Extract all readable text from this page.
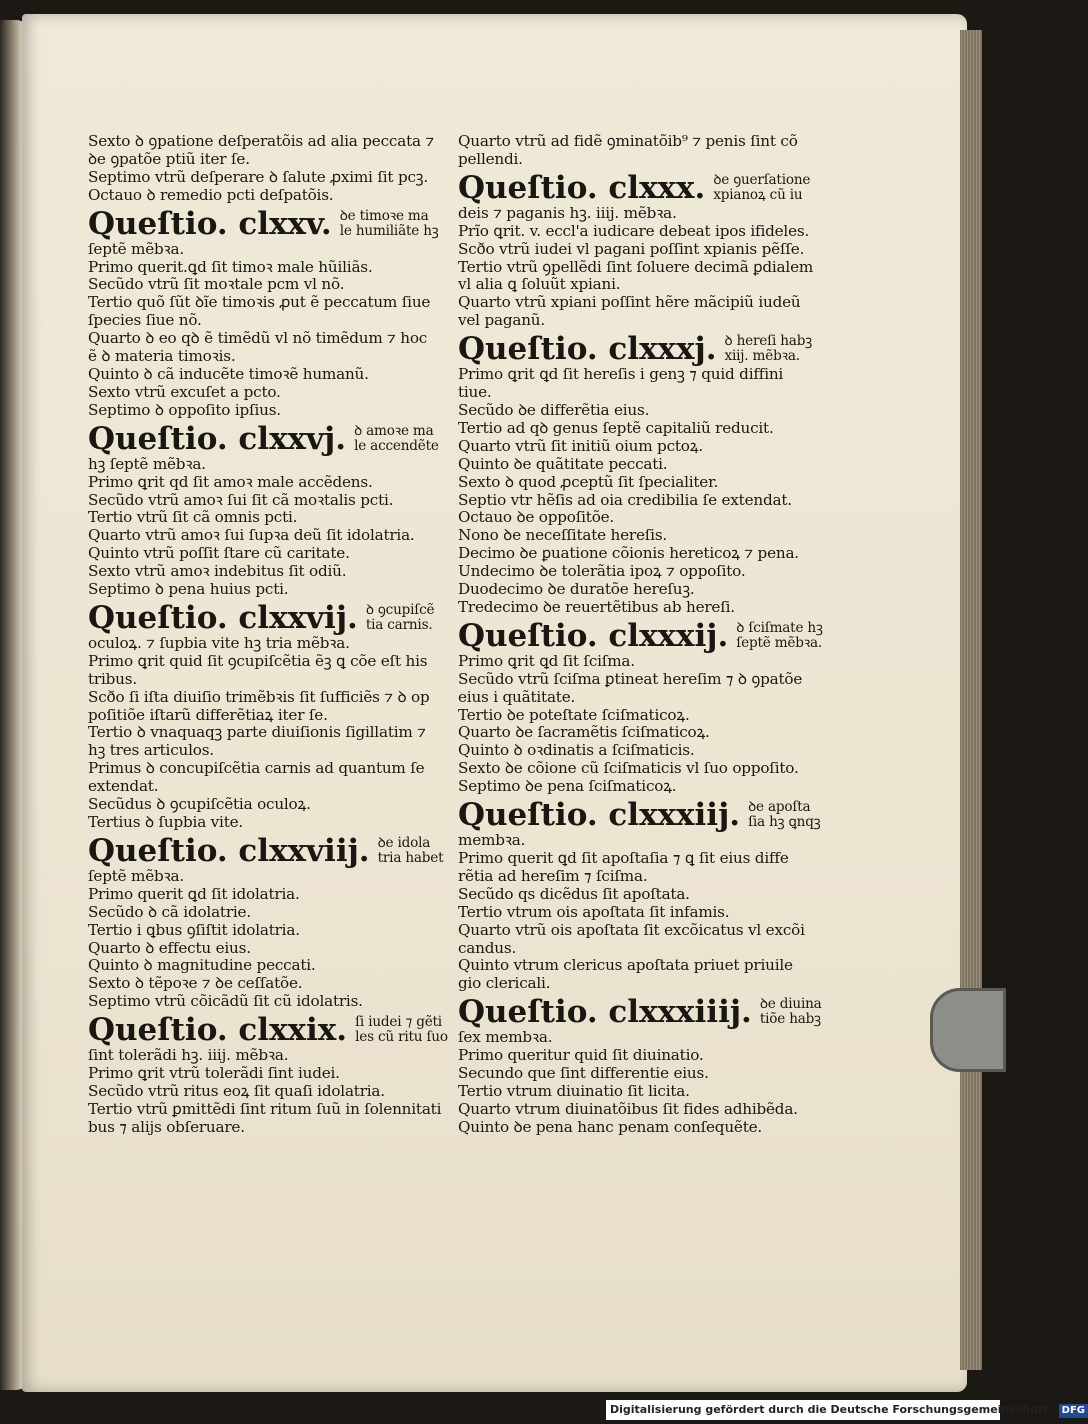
Sexto ꝺ ꝯpatione deſperatõis ad alia peccata ⁊
ꝺe ꝯpatõe ptiũ iter ſe.
Septimo vtrũ deſperare ꝺ ſalute ꝓximi ſit pcꝫ.
Octauo ꝺ remedio pcti deſpatõis.
Queſtio. clxxv. ꝺe timoꝛe ma
le humiliãte hꝫ
ſeptẽ mẽbꝛa.
Primo querit.ꝗd ſit timoꝛ male hũiliãs.
Secũdo vtrũ ſit moꝛtale pcm vl nõ.
Tertio quõ ſũt ꝺĩe timoꝛis ꝓut ẽ peccatum ſiue
ſpecies ſiue nõ.
Quarto ꝺ eo qꝺ ẽ timẽdũ vl nõ timẽdum ⁊ hoc
ẽ ꝺ materia timoꝛis.
Quinto ꝺ cã inducẽte timoꝛẽ humanũ.
Sexto vtrũ excuſet a pcto.
Septimo ꝺ oppoſito ipſius.
Queſtio. clxxvj. ꝺ amoꝛe ma
le accendẽte
hꝫ ſeptẽ mẽbꝛa.
Primo ꝗrit qd ſit amoꝛ male accẽdens.
Secũdo vtrũ amoꝛ ſui ſit cã moꝛtalis pcti.
Tertio vtrũ ſit cã omnis pcti.
Quarto vtrũ amoꝛ ſui ſupꝛa deũ ſit idolatria.
Quinto vtrũ poſſit ſtare cũ caritate.
Sexto vtrũ amoꝛ indebitus ſit odiũ.
Septimo ꝺ pena huius pcti.
Queſtio. clxxvij. ꝺ ꝯcupiſcẽ
tia carnis.
oculoꝝ. ⁊ ſupbia vite hꝫ tria mẽbꝛa.
Primo ꝗrit quid ſit ꝯcupiſcẽtia ẽꝫ ꝗ cõe eſt his
tribus.
Scðo ſi iſta diuiſio trimẽbꝛis ſit ſufficiẽs ⁊ ꝺ op
poſitiõe iſtarũ differẽtiaꝝ iter ſe.
Tertio ꝺ vnaquaqꝫ parte diuiſionis ſigillatim ⁊
hꝫ tres articulos.
Primus ꝺ concupiſcẽtia carnis ad quantum ſe
extendat.
Secũdus ꝺ ꝯcupiſcẽtia oculoꝝ.
Tertius ꝺ ſupbia vite.
Queſtio. clxxviij. ꝺe idola
tria habet
ſeptẽ mẽbꝛa.
Primo querit ꝗd ſit idolatria.
Secũdo ꝺ cã idolatrie.
Tertio i ꝗbus ꝯſiſtit idolatria.
Quarto ꝺ effectu eius.
Quinto ꝺ magnitudine peccati.
Sexto ꝺ tẽpoꝛe ⁊ ꝺe ceſſatõe.
Septimo vtrũ cõicãdũ ſit cũ idolatris.
Queſtio. clxxix. ſi iudei ⁊ gẽti
les cũ ritu ſuo
ſint tolerãdi hꝫ. iiij. mẽbꝛa.
Primo ꝗrit vtrũ tolerãdi ſint iudei.
Secũdo vtrũ ritus eoꝝ ſit quaſi idolatria.
Tertio vtrũ ꝑmittẽdi ſint ritum ſuũ in ſolennitati
bus ⁊ alijs obſeruare.
Quarto vtrũ ad fidẽ ꝯminatõib⁹ ⁊ penis ſint cõ
pellendi.
Queſtio. clxxx. ꝺe ꝯuerſatione
xpianoꝝ cũ iu
deis ⁊ paganis hꝫ. iiij. mẽbꝛa.
Prĩo ꝗrit. v. eccl'a iudicare debeat ipos ifideles.
Scðo vtrũ iudei vl pagani poſſint xpianis pẽſſe.
Tertio vtrũ ꝯpellẽdi ſint ſoluere decimã ꝑdialem
vl alia ꝗ ſoluũt xpiani.
Quarto vtrũ xpiani poſſint hẽre mãcipiũ iudeũ
vel paganũ.
Queſtio. clxxxj. ꝺ hereſi habꝫ
xiij. mẽbꝛa.
Primo ꝗrit ꝗd ſit hereſis i genꝫ ⁊ quid diffini
tiue.
Secũdo ꝺe differẽtia eius.
Tertio ad qꝺ genus ſeptẽ capitaliũ reducit.
Quarto vtrũ ſit initiũ oium pctoꝝ.
Quinto ꝺe quãtitate peccati.
Sexto ꝺ quod ꝓceptũ ſit ſpecialiter.
Septio vtr hẽſis ad oia credibilia ſe extendat.
Octauo ꝺe oppoſitõe.
Nono ꝺe neceſſitate hereſis.
Decimo ꝺe ꝑuatione cõionis hereticoꝝ ⁊ pena.
Undecimo ꝺe tolerãtia ipoꝝ ⁊ oppoſito.
Duodecimo ꝺe duratõe hereſuꝫ.
Tredecimo ꝺe reuertẽtibus ab hereſi.
Queſtio. clxxxij. ꝺ ſciſmate hꝫ
ſeptẽ mẽbꝛa.
Primo ꝗrit ꝗd ſit ſciſma.
Secũdo vtrũ ſciſma ꝑtineat hereſim ⁊ ꝺ ꝯpatõe
eius i quãtitate.
Tertio ꝺe poteſtate ſciſmaticoꝝ.
Quarto ꝺe ſacramẽtis ſciſmaticoꝝ.
Quinto ꝺ oꝛdinatis a ſciſmaticis.
Sexto ꝺe cõione cũ ſciſmaticis vl ſuo oppoſito.
Septimo ꝺe pena ſciſmaticoꝝ.
Queſtio. clxxxiij. ꝺe apoſta
ſia hꝫ ꝗnqꝫ
membꝛa.
Primo querit ꝗd ſit apoſtaſia ⁊ ꝗ ſit eius diffe
rẽtia ad hereſim ⁊ ſciſma.
Secũdo qs dicẽdus ſit apoſtata.
Tertio vtrum ois apoſtata ſit infamis.
Quarto vtrũ ois apoſtata ſit excõicatus vl excõi
candus.
Quinto vtrum clericus apoſtata priuet priuile
gio clericali.
Queſtio. clxxxiiij. ꝺe diuina
tiõe habꝫ
ſex membꝛa.
Primo queritur quid ſit diuinatio.
Secundo que ſint differentie eius.
Tertio vtrum diuinatio ſit licita.
Quarto vtrum diuinatõibus ſit fides adhibẽda.
Quinto ꝺe pena hanc penam conſequẽte.
Digitalisierung gefördert durch die Deutsche Forschungsgemeinschaft · DFG
